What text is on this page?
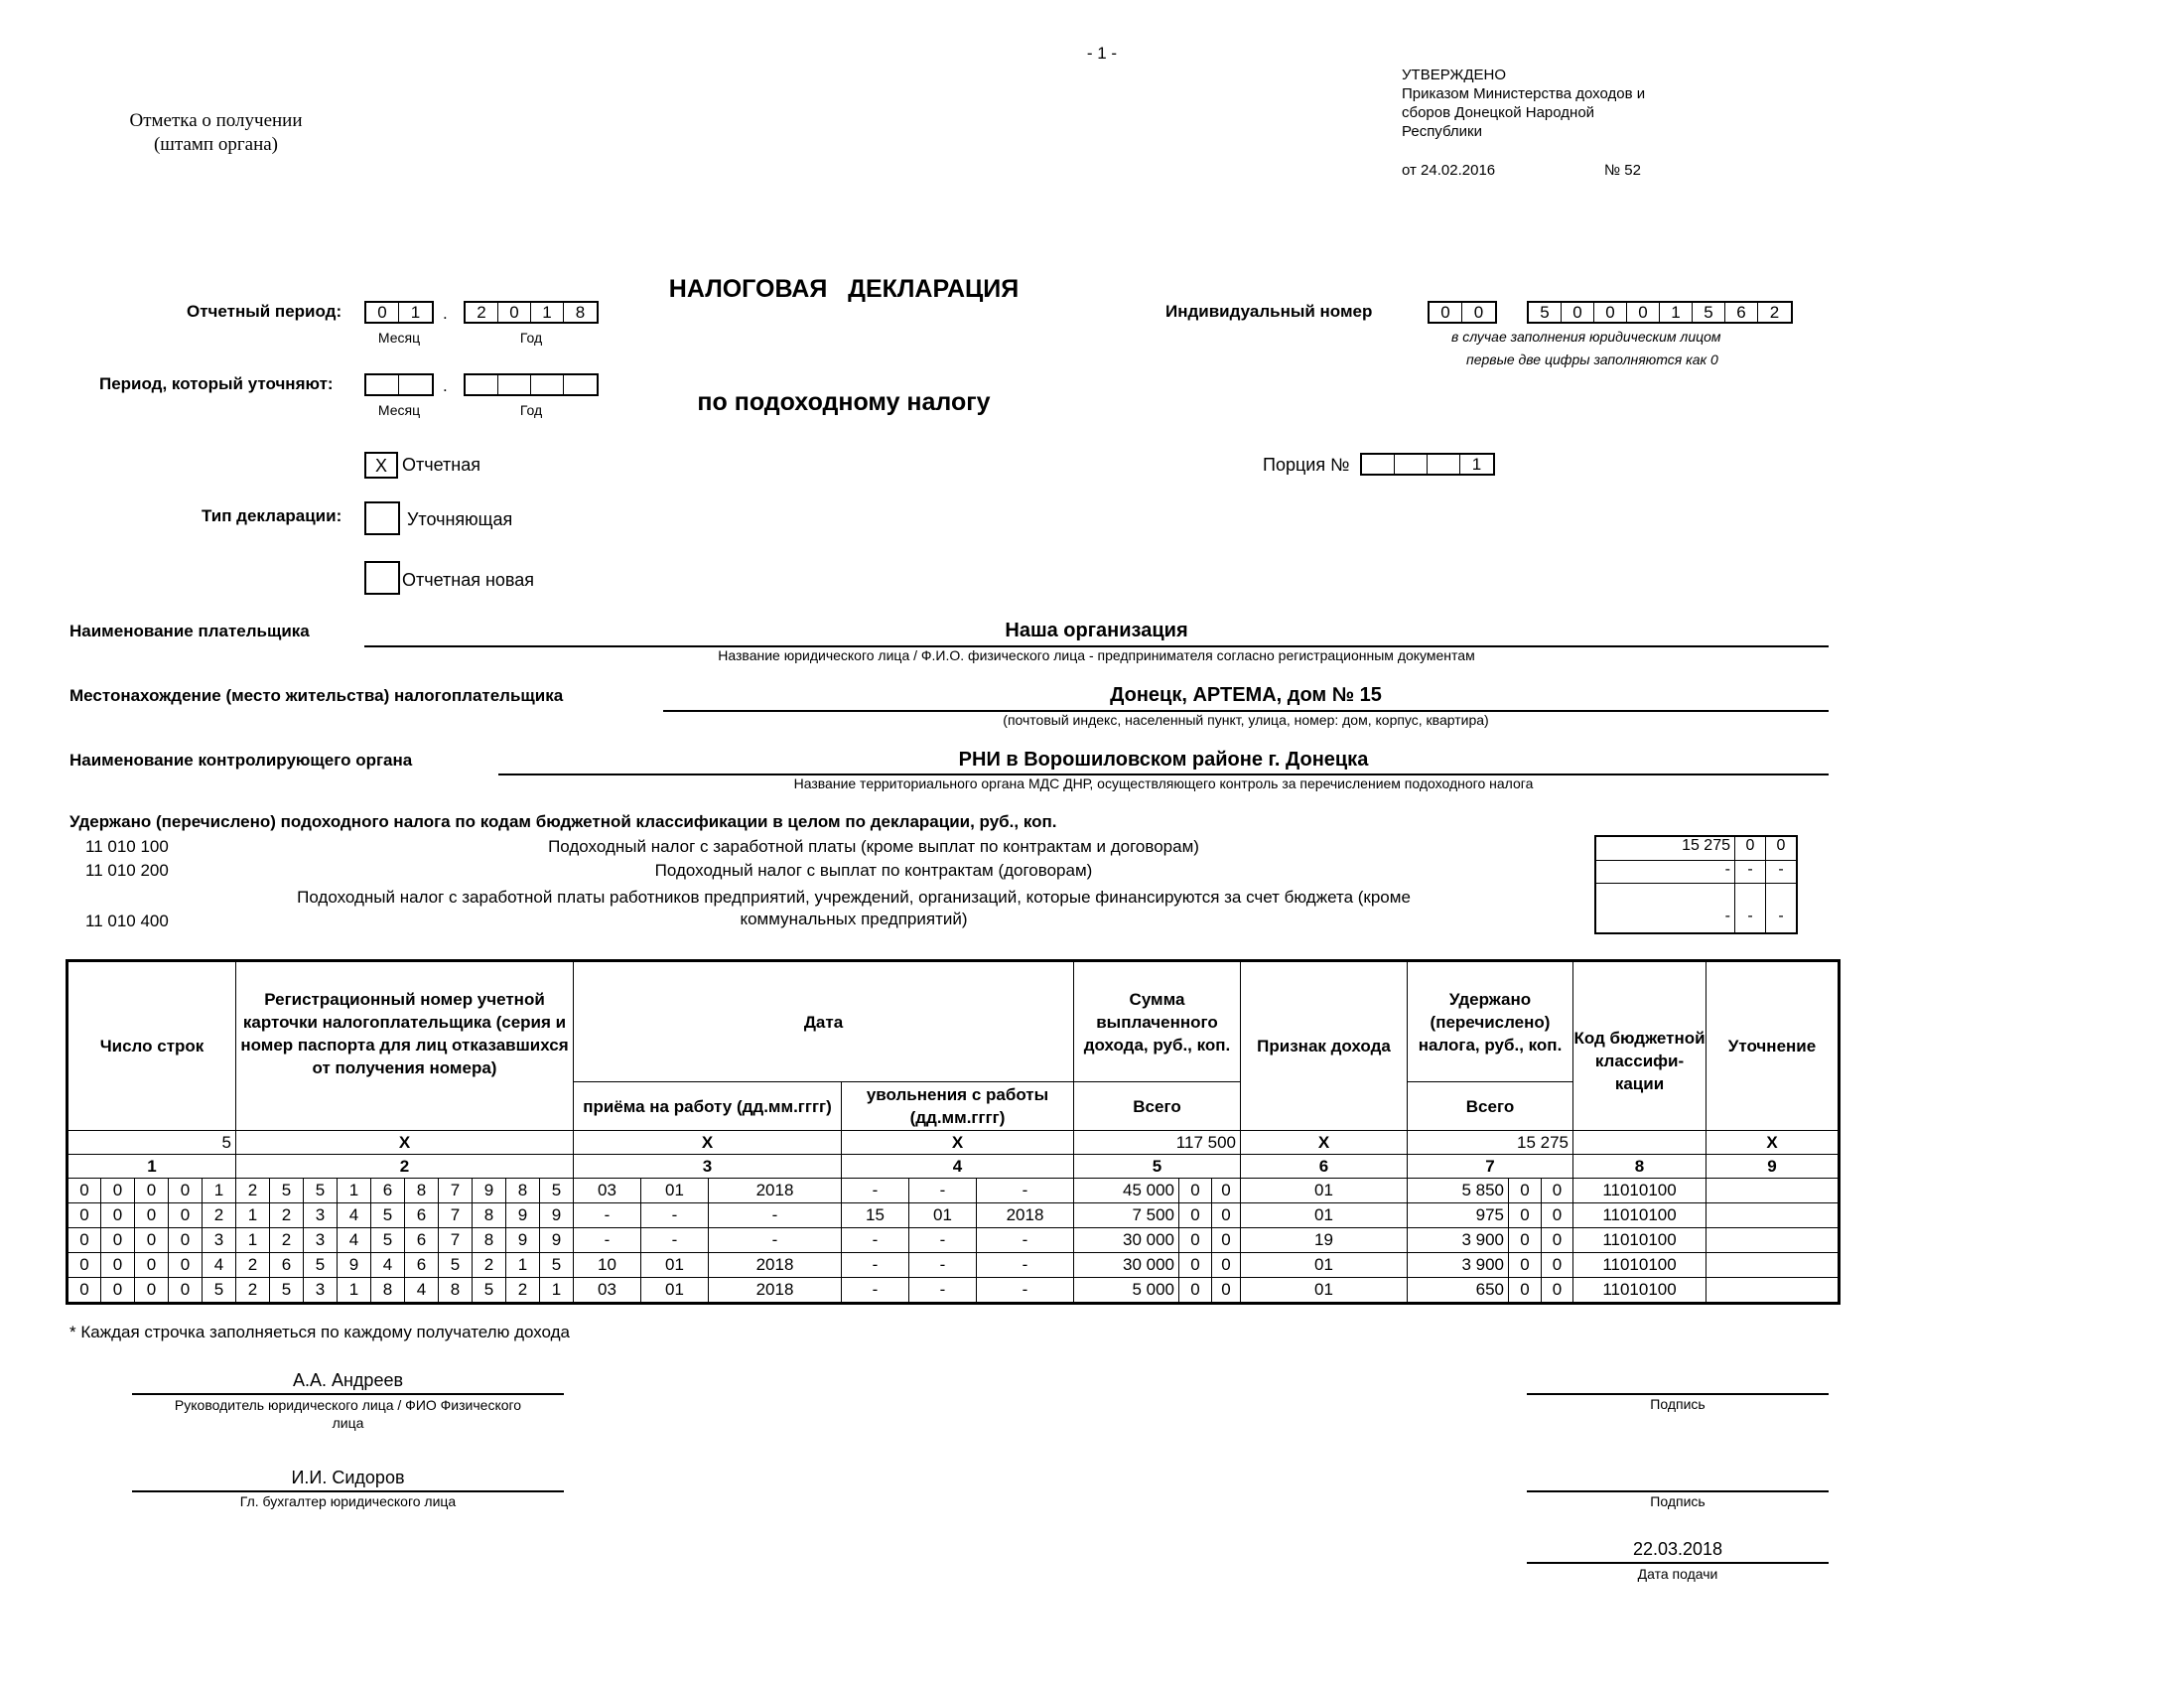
- 1 -
УТВЕРЖДЕНО
Приказом Министерства доходов и
сборов Донецкой Народной
Республики
от 24.02.2016	№ 52
Отметка о получении
(штамп органа)

НАЛОГОВАЯ   ДЕКЛАРАЦИЯ

по подоходному налогу

Отчетный период:	0	1	.	2	0	1	8
Месяц	Год
Период, который уточняют:	.
Месяц	Год
Индивидуальный номер	0	0	5	0	0	0	1	5	6	2
в случае заполнения юридическим лицом
первые две цифры заполняются как 0
Порция №	1
X Отчетная
Тип декларации:	Уточняющая
Отчетная новая
Наименование плательщика	Наша организация
Название юридического лица / Ф.И.О. физического лица - предпринимателя согласно регистрационным документам
Местонахождение (место жительства) налогоплательщика	Донецк, АРТЕМА, дом № 15
(почтовый индекс, населенный пункт, улица, номер: дом, корпус, квартира)
Наименование контролирующего органа	РНИ в Ворошиловском районе г. Донецка
Название территориального органа МДС ДНР, осуществляющего контроль за перечислением подоходного налога
Удержано (перечислено) подоходного налога по кодам бюджетной классификации в целом по декларации, руб., коп.
11 010 100	Подоходный налог с заработной платы (кроме выплат по контрактам и договорам)
11 010 200	Подоходный налог с выплат по контрактам (договорам)
Подоходный налог с заработной платы работников предприятий, учреждений, организаций, которые финансируются за счет бюджета (кроме
коммунальных предприятий)
11 010 400
15 275 0	0
-	-	-
-	-	-
Число строк					Регистрационный номер учетной карточки налогоплательщика (серия и номер паспорта для лиц отказавшихся от получения номера)										Дата						Сумма выплаченного дохода, руб., коп.			Признак дохода	Удержано (перечислено) налога, руб., коп.			Код бюджетной классифи-кации	Уточнение
															приёма на работу (дд.мм.гггг)			увольнения с работы (дд.мм.гггг)			Всего				Всего				
5					X										X			X			117 500			X	15 275				X
1					2										3			4			5			6	7			8	9
0	0	0	0	1	2	5	5	1	6	8	7	9	8	5	03	01	2018	-	-	-	45 000	0	0	01	5 850	0	0	11010100	
0	0	0	0	2	1	2	3	4	5	6	7	8	9	9	-	-	-	15	01	2018	7 500	0	0	01	975	0	0	11010100	
0	0	0	0	3	1	2	3	4	5	6	7	8	9	9	-	-	-	-	-	-	30 000	0	0	19	3 900	0	0	11010100	
0	0	0	0	4	2	6	5	9	4	6	5	2	1	5	10	01	2018	-	-	-	30 000	0	0	01	3 900	0	0	11010100	
0	0	0	0	5	2	5	3	1	8	4	8	5	2	1	03	01	2018	-	-	-	5 000	0	0	01	650	0	0	11010100	
* Каждая строчка заполняеться по каждому получателю дохода
А.А. Андреев
Руководитель юридического лица / ФИО Физического
лица
Подпись
И.И. Сидоров
Гл. бухгалтер юридического лица	Подпись
22.03.2018
Дата подачи
